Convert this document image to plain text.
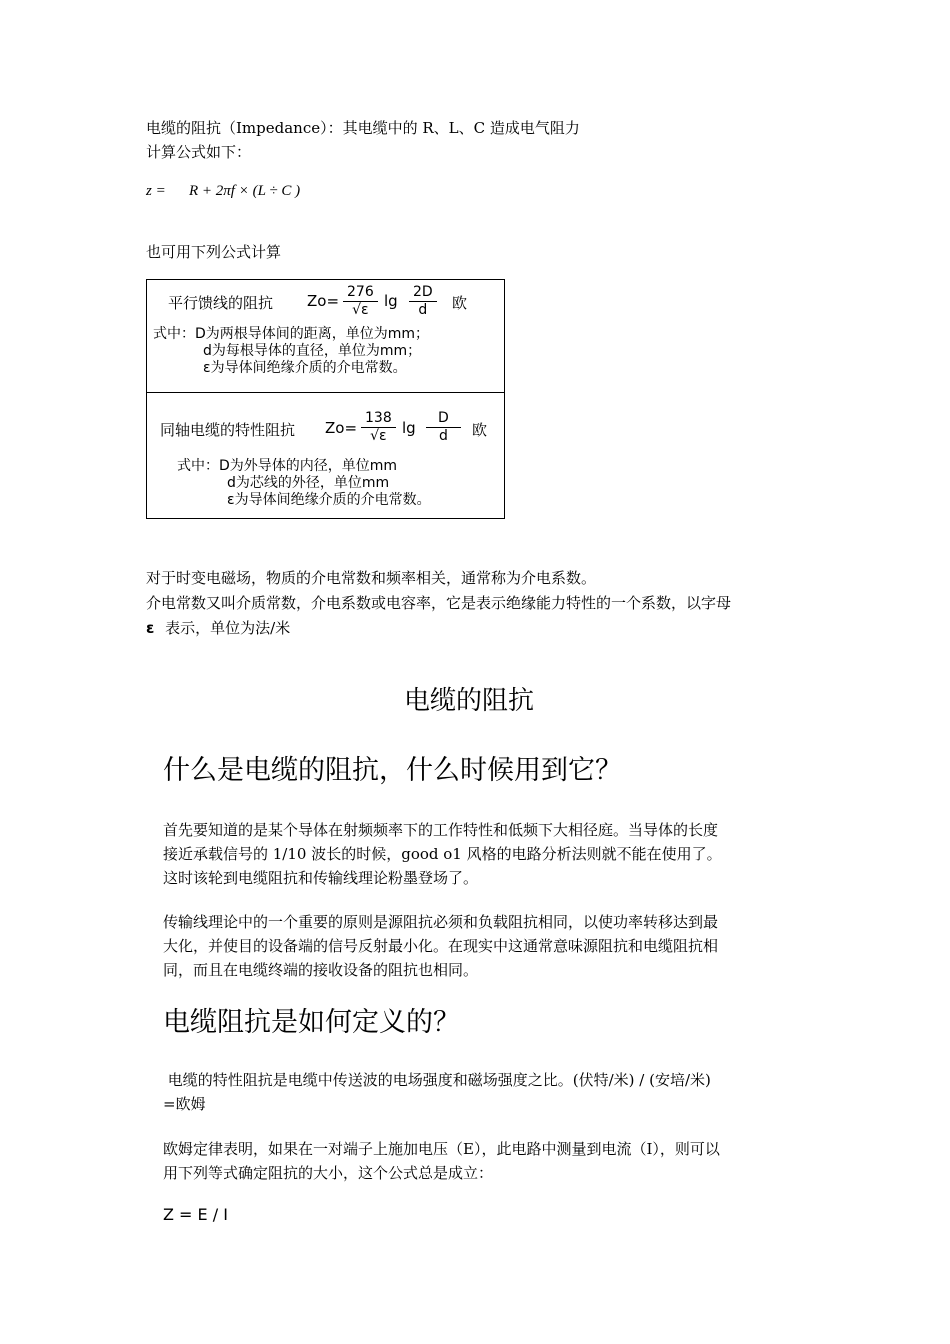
电缆的阻抗（Impedance）：其电缆中的 R、L、C 造成电气阻力
计算公式如下：
z = R + 2πf × (L ÷ C )
也可用下列公式计算
平行馈线的阻抗 $Zo= \frac{276}{√\varepsilon}$ $\lg \frac{2D}{d}$ 欧
式中：D为两根导体间的距离，单位为mm；
d为每根导体的直径，单位为mm；
ε为导体间绝缘介质的介电常数。
同轴电缆的特性阻抗 $Zo= \frac{138}{√\varepsilon}$ $\lg \frac{D}{d}$ 欧
式中：D为外导体的内径，单位mm
d为芯线的外径，单位mm
ε为导体间绝缘介质的介电常数。
对于时变电磁场，物质的介电常数和频率相关，通常称为介电系数。
介电常数又叫介质常数，介电系数或电容率，它是表示绝缘能力特性的一个系数，以字母
ε 表示，单位为法/米
电缆的阻抗
什么是电缆的阻抗，什么时候用到它？
首先要知道的是某个导体在射频频率下的工作特性和低频下大相径庭。当导体的长度
接近承载信号的 1/10 波长的时候，good o1 风格的电路分析法则就不能在使用了。
这时该轮到电缆阻抗和传输线理论粉墨登场了。
传输线理论中的一个重要的原则是源阻抗必须和负载阻抗相同，以使功率转移达到最
大化，并使目的设备端的信号反射最小化。在现实中这通常意味源阻抗和电缆阻抗相
同，而且在电缆终端的接收设备的阻抗也相同。
电缆阻抗是如何定义的？
电缆的特性阻抗是电缆中传送波的电场强度和磁场强度之比。(伏特/米) / (安培/米)
=欧姆
欧姆定律表明，如果在一对端子上施加电压（E），此电路中测量到电流（I），则可以
用下列等式确定阻抗的大小，这个公式总是成立：
Z = E / I
